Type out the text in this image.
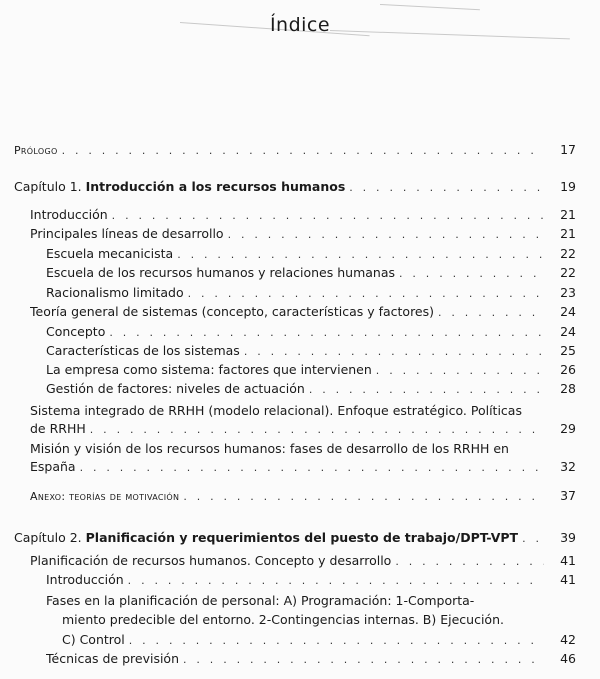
Índice
Prólogo . . .	17
Capítulo 1. Introducción a los recursos humanos . . .	19
Introducción . . .	21
Principales líneas de desarrollo . . .	21
Escuela mecanicista . . .	22
Escuela de los recursos humanos y relaciones humanas . . .	22
Racionalismo limitado . . .	23
Teoría general de sistemas (concepto, características y factores) . . .	24
Concepto . . .	24
Características de los sistemas . . .	25
La empresa como sistema: factores que intervienen . . .	26
Gestión de factores: niveles de actuación . . .	28
Sistema integrado de RRHH (modelo relacional). Enfoque estratégico. Políticas
de RRHH . . .	29
Misión y visión de los recursos humanos: fases de desarrollo de los RRHH en
España . . .	32
Anexo: teorías de motivación . . .	37
Capítulo 2. Planificación y requerimientos del puesto de trabajo/DPT-VPT . . .	39
Planificación de recursos humanos. Concepto y desarrollo . . .	41
Introducción . . .	41
Fases en la planificación de personal: A) Programación: 1-Comporta-
miento predecible del entorno. 2-Contingencias internas. B) Ejecución.
C) Control . . .	42
Técnicas de previsión . . .	46
